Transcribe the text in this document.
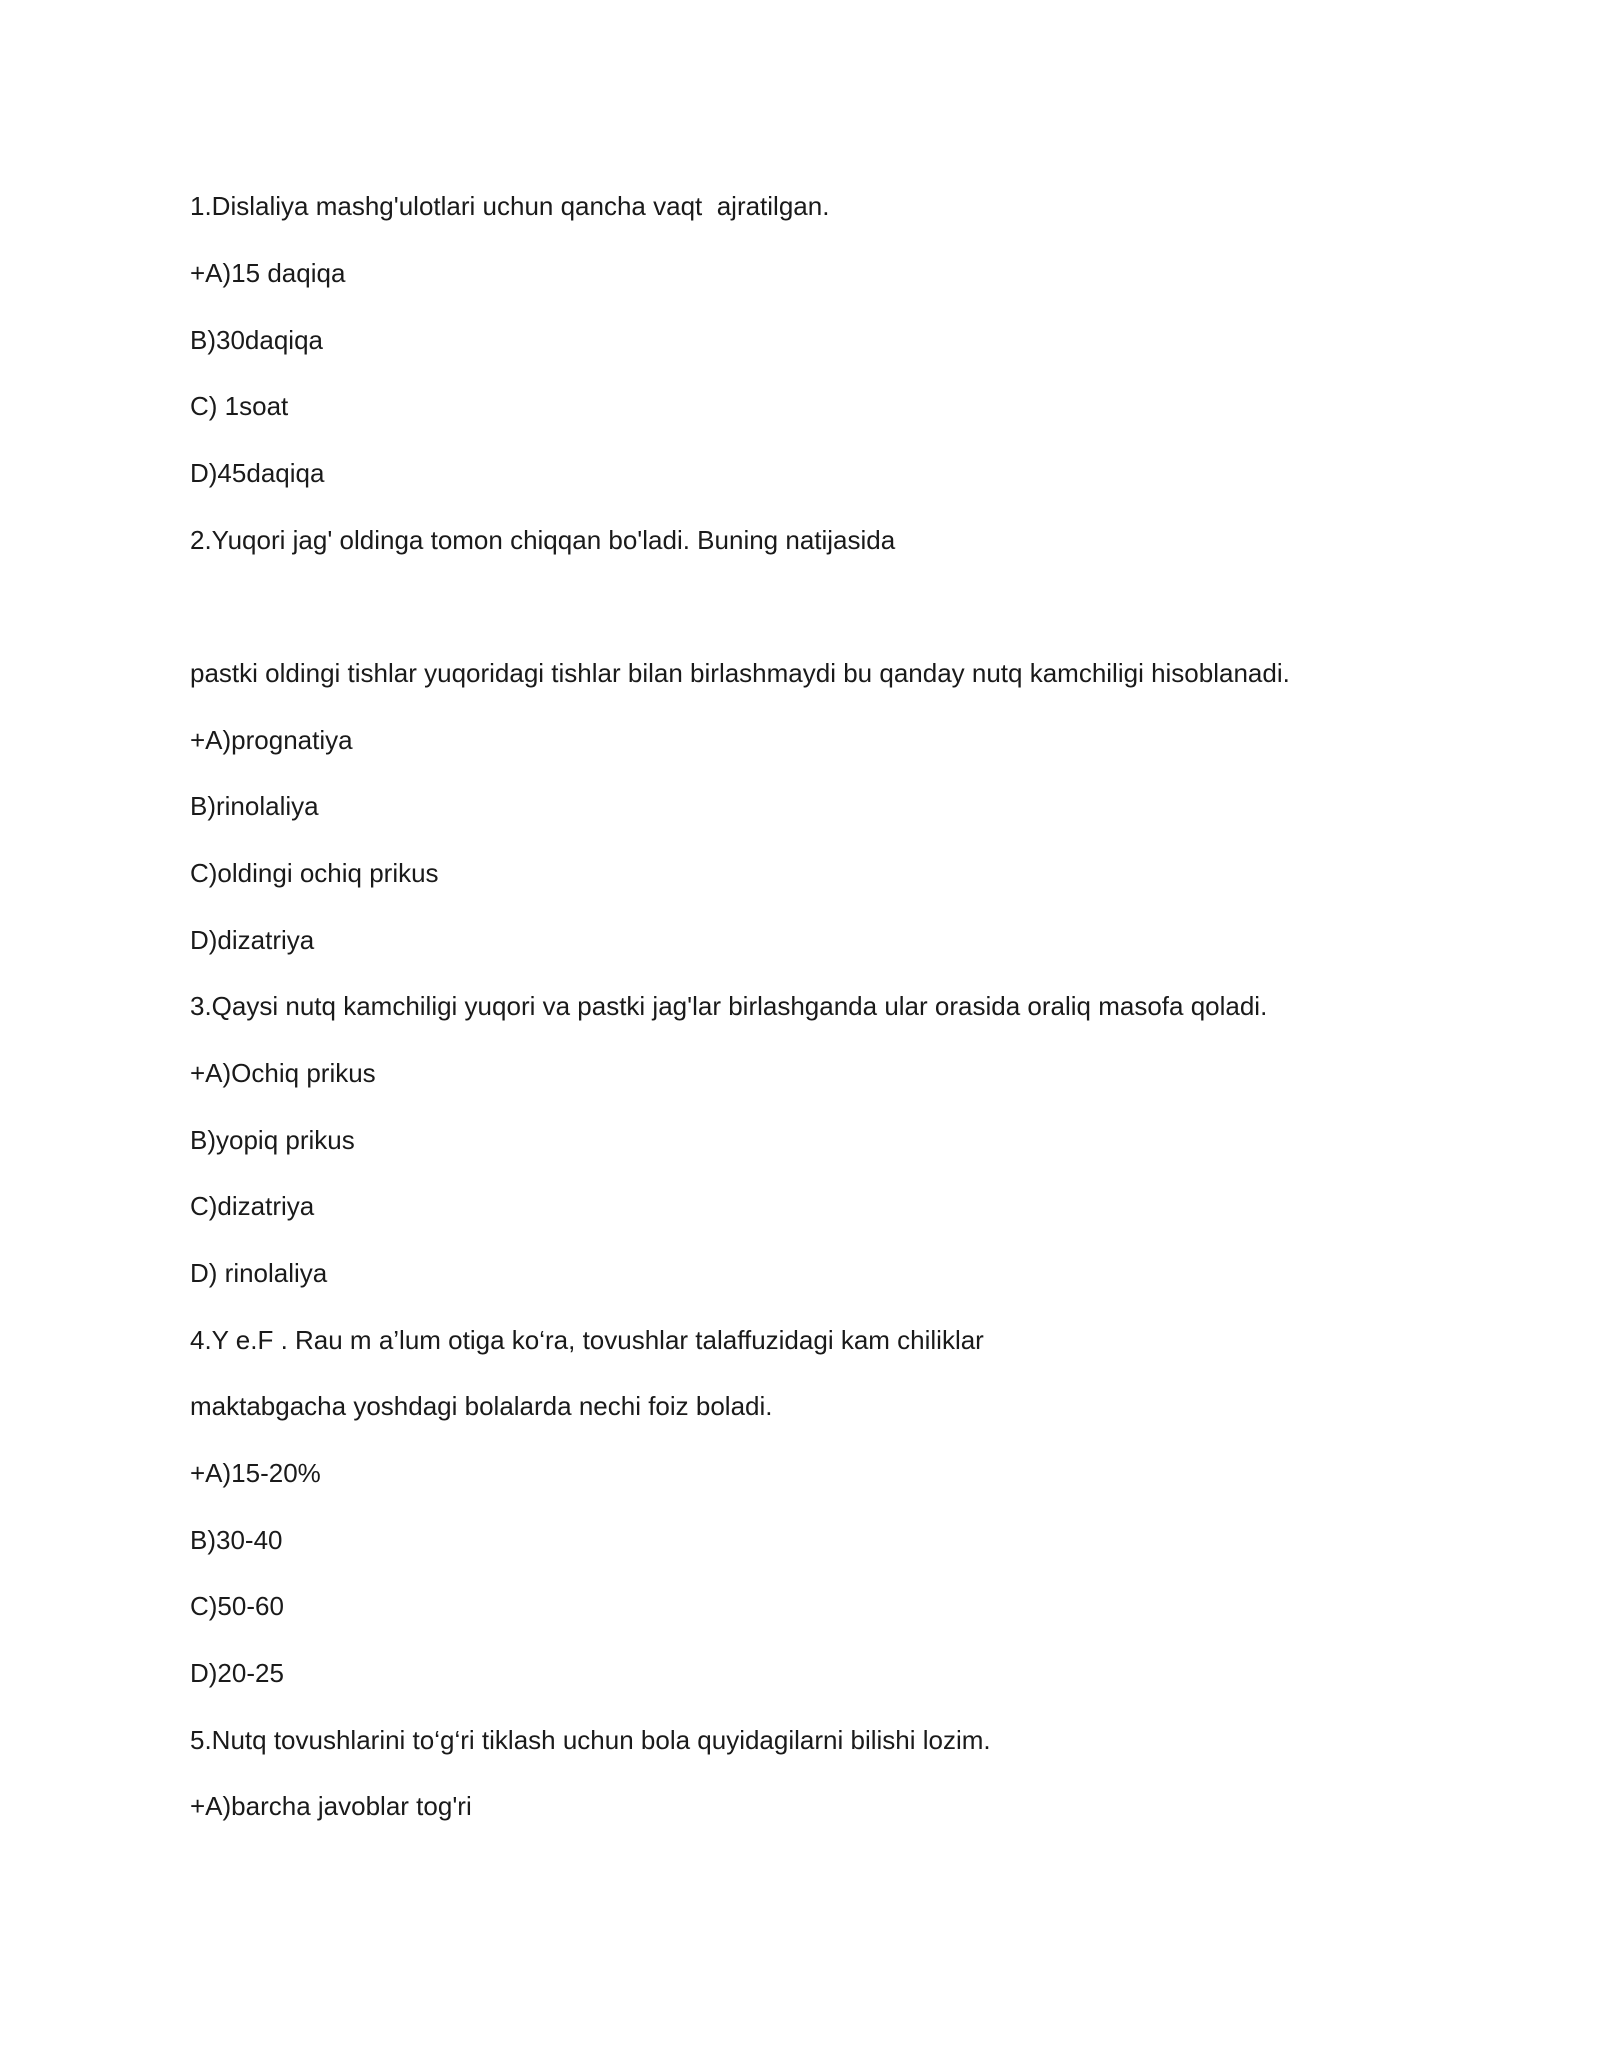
1.Dislaliya mashg'ulotlari uchun qancha vaqt  ajratilgan.
+A)15 daqiqa
B)30daqiqa
C) 1soat
D)45daqiqa
2.Yuqori jag' oldinga tomon chiqqan bo'ladi. Buning natijasida
pastki oldingi tishlar yuqoridagi tishlar bilan birlashmaydi bu qanday nutq kamchiligi hisoblanadi.
+A)prognatiya
B)rinolaliya
C)oldingi ochiq prikus
D)dizatriya
3.Qaysi nutq kamchiligi yuqori va pastki jag'lar birlashganda ular orasida oraliq masofa qoladi.
+A)Ochiq prikus
B)yopiq prikus
C)dizatriya
D) rinolaliya
4.Y e.F . Rau m a’lum otiga ko‘ra, tovushlar talaffuzidagi kam chiliklar
maktabgacha yoshdagi bolalarda nechi foiz boladi.
+A)15-20%
B)30-40
C)50-60
D)20-25
5.Nutq tovushlarini to‘g‘ri tiklash uchun bola quyidagilarni bilishi lozim.
+A)barcha javoblar tog'ri
